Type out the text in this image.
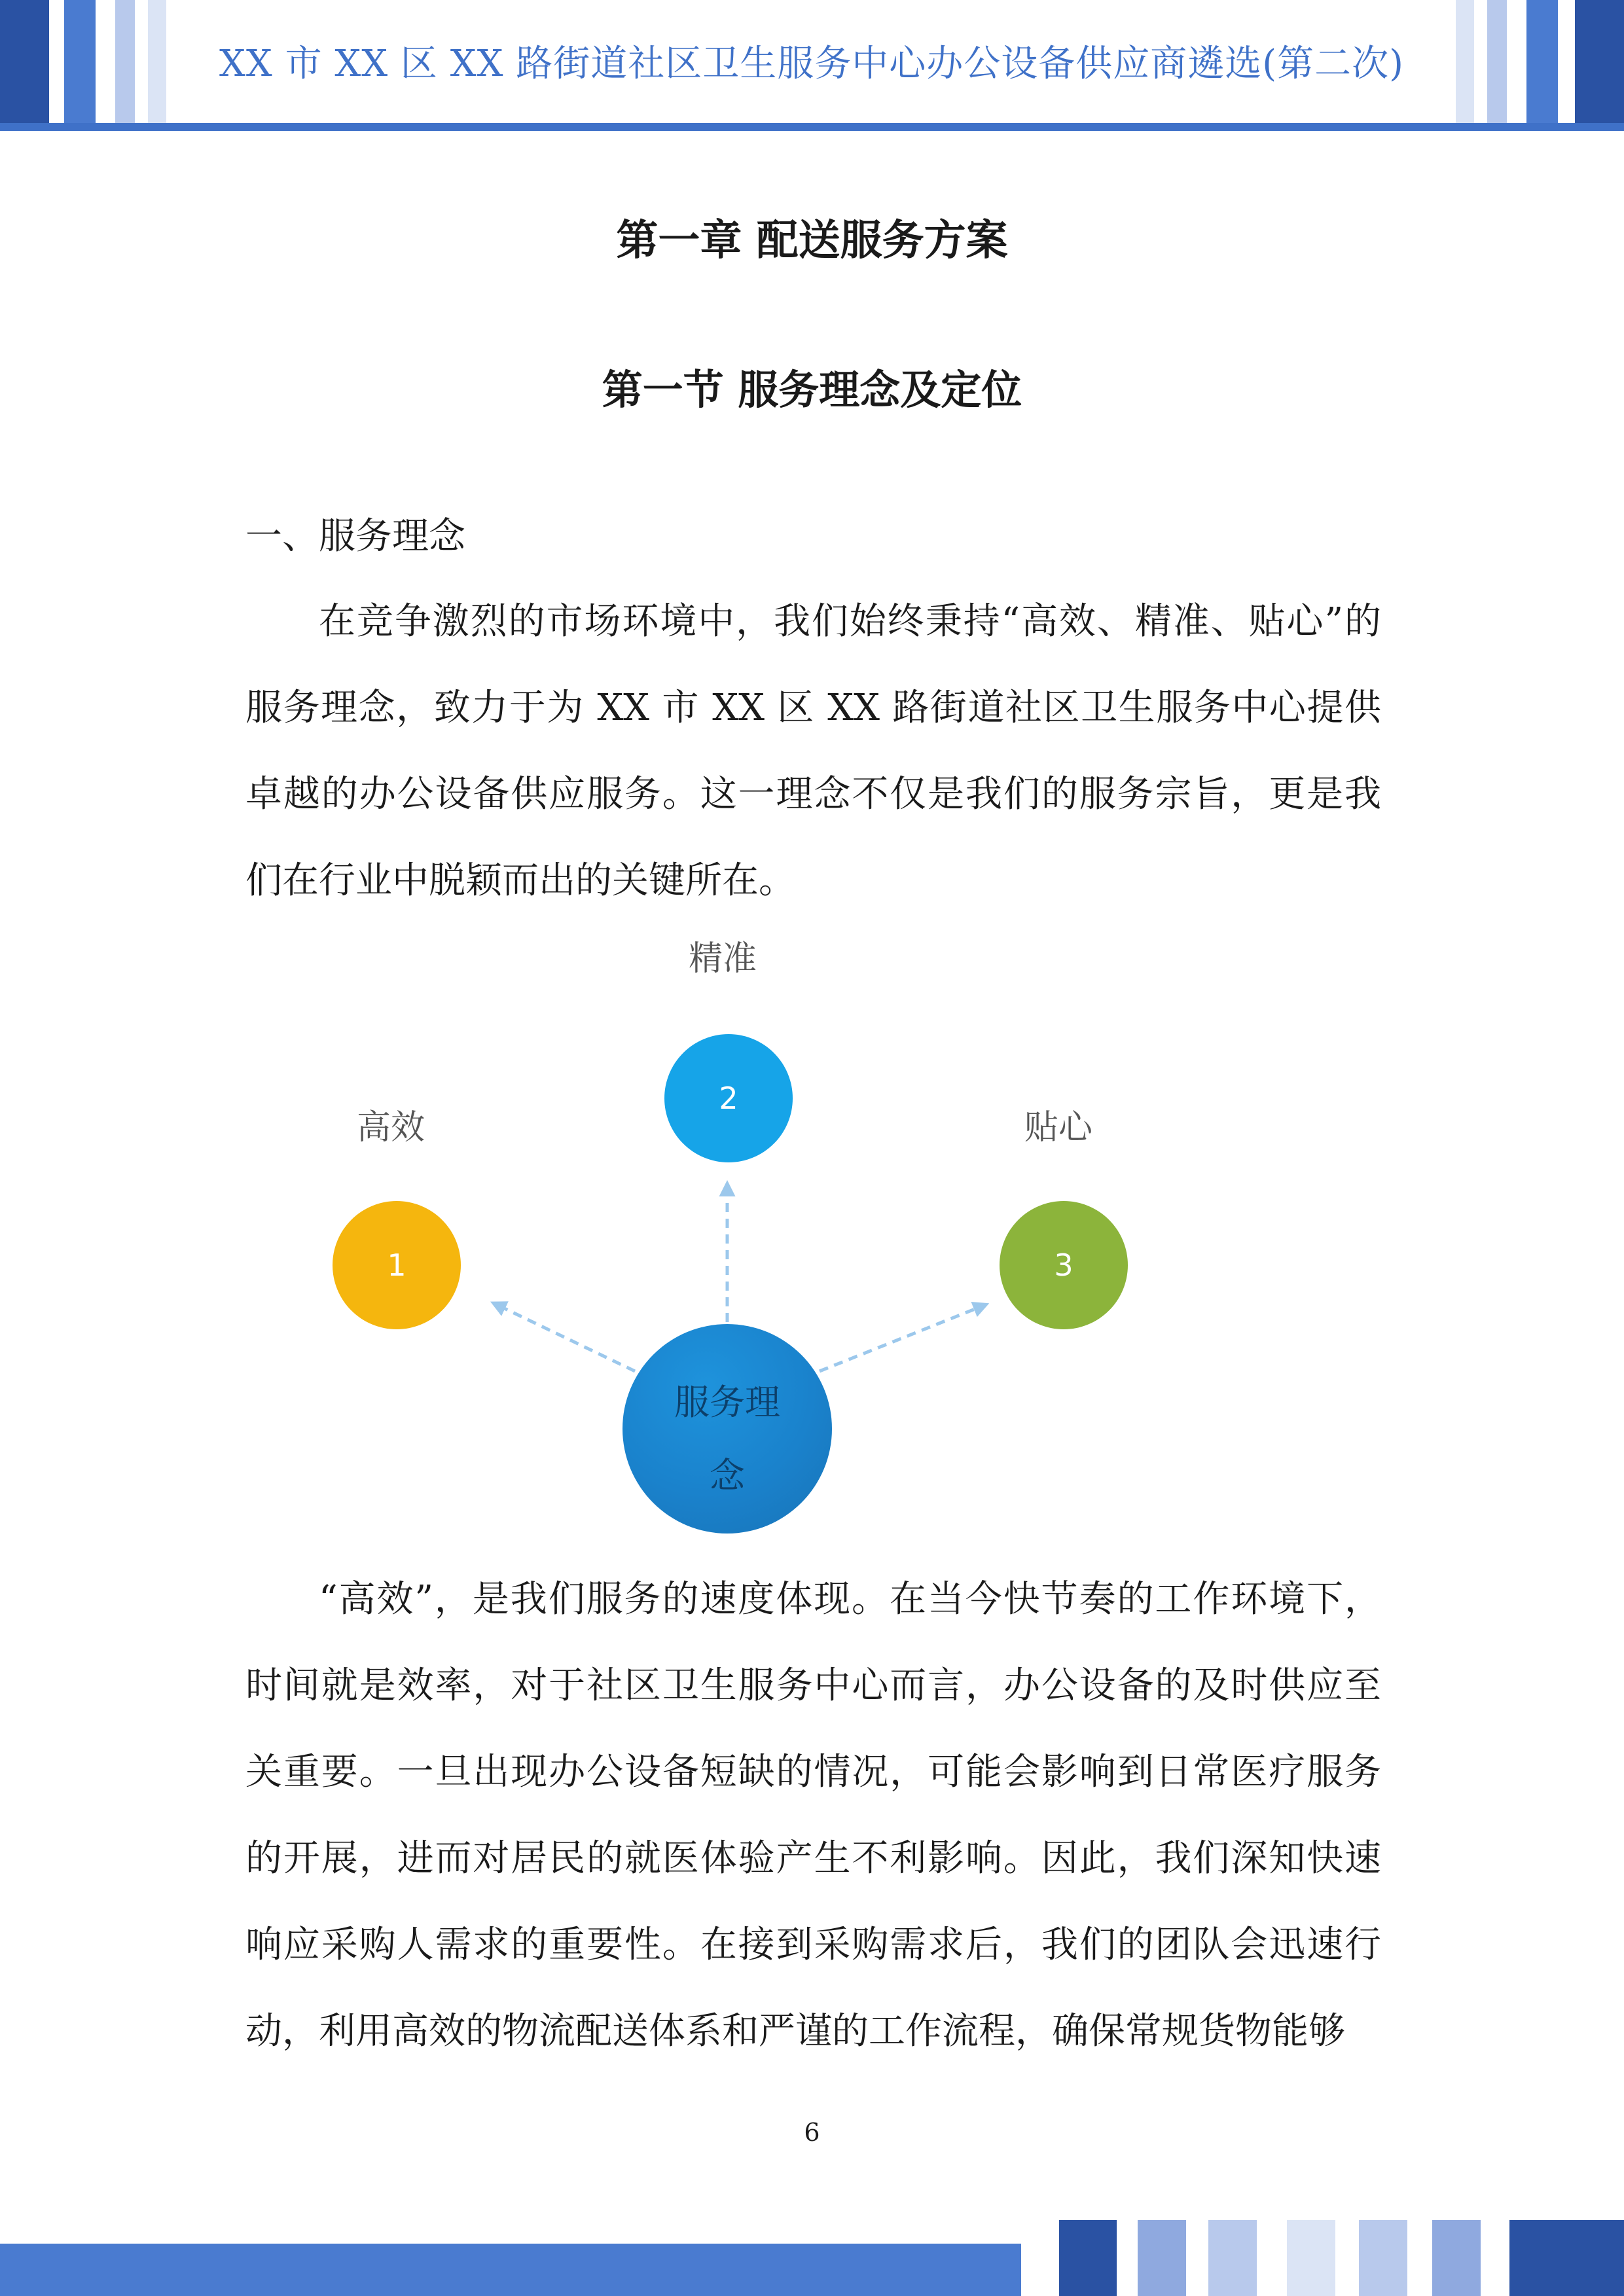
XX 市 XX 区 XX 路街道社区卫生服务中心办公设备供应商遴选(第二次)
第一章 配送服务方案
第一节 服务理念及定位
一、服务理念

在竞争激烈的市场环境中，我们始终秉持“高效、精准、贴心”的服务理念，致力于为 XX 市 XX 区 XX 路街道社区卫生服务中心提供卓越的办公设备供应服务。这一理念不仅是我们的服务宗旨，更是我们在行业中脱颖而出的关键所在。

高效
精准
贴心
1
2
3
服务理
念

“高效”，是我们服务的速度体现。在当今快节奏的工作环境下，时间就是效率，对于社区卫生服务中心而言，办公设备的及时供应至关重要。一旦出现办公设备短缺的情况，可能会影响到日常医疗服务的开展，进而对居民的就医体验产生不利影响。因此，我们深知快速响应采购人需求的重要性。在接到采购需求后，我们的团队会迅速行动，利用高效的物流配送体系和严谨的工作流程，确保常规货物能够

6
